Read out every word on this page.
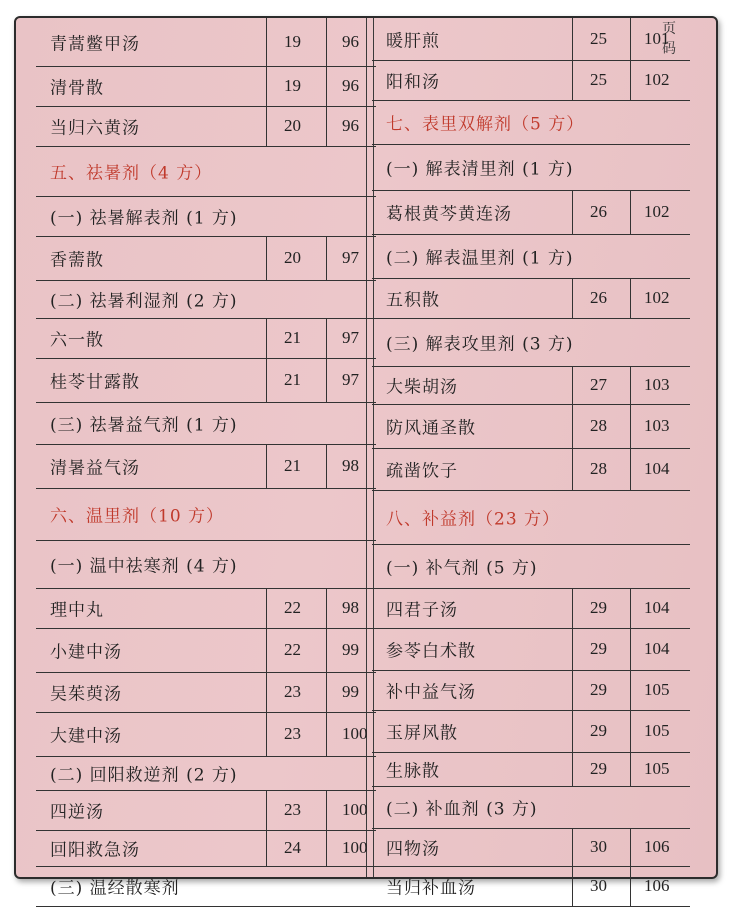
青蒿鳖甲汤	19 96
清骨散	19 96
当归六黄汤	20 96
五、祛暑剂（4 方）
(一) 祛暑解表剂 (1 方)
香薷散	20 97
(二) 祛暑利湿剂 (2 方)
六一散	21 97
桂苓甘露散	21 97
(三) 祛暑益气剂 (1 方)
清暑益气汤	21 98
六、温里剂（10 方）
(一) 温中祛寒剂 (4 方)
理中丸	22 98
小建中汤	22 99
吴茱萸汤	23 99
大建中汤	23 100
(二) 回阳救逆剂 (2 方)
四逆汤	23 100
回阳救急汤	24 100
(三) 温经散寒剂
页码
暖肝煎	25 101
阳和汤	25 102
七、表里双解剂（5 方）
(一) 解表清里剂 (1 方)
葛根黄芩黄连汤	26 102
(二) 解表温里剂 (1 方)
五积散	26 102
(三) 解表攻里剂 (3 方)
大柴胡汤	27 103
防风通圣散	28 103
疏凿饮子	28 104
八、补益剂（23 方）
(一) 补气剂 (5 方)
四君子汤	29 104
参苓白术散	29 104
补中益气汤	29 105
玉屏风散	29 105
生脉散	29 105
(二) 补血剂 (3 方)
四物汤	30 106
当归补血汤	30 106
